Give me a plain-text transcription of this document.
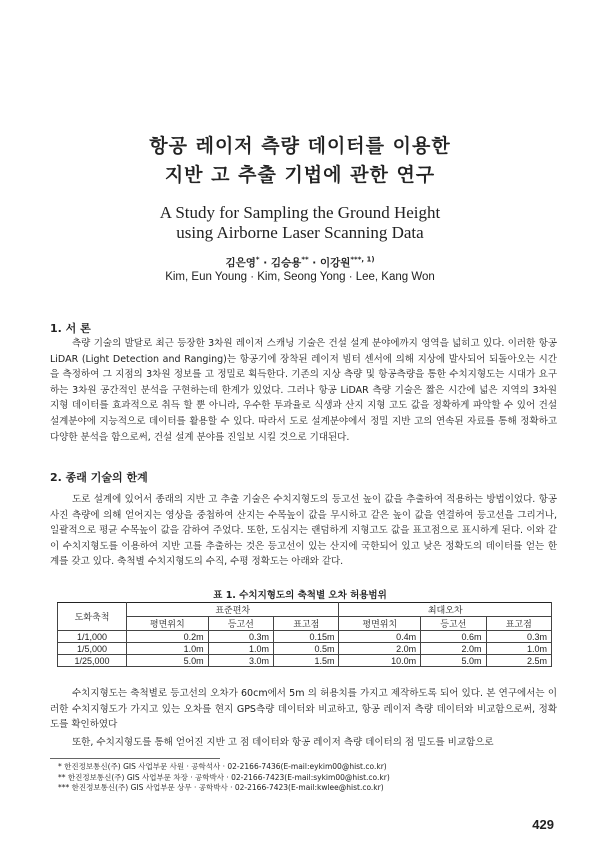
항공 레이저 측량 데이터를 이용한
지반 고 추출 기법에 관한 연구
A Study for Sampling the Ground Height
using Airborne Laser Scanning Data
김은영* · 김승용** · 이강원$^{***, 1)}$
Kim, Eun Young · Kim, Seong Yong · Lee, Kang Won
1. 서 론
측량 기술의 발달로 최근 등장한 3차원 레이저 스캐닝 기술은 건설 설계 분야에까지 영역을 넓히고 있다. 이러한 항공 LiDAR (Light Detection and Ranging)는 항공기에 장착된 레이저 빔터 센서에 의해 지상에 발사되어 되돌아오는 시간을 측정하여 그 지점의 3차원 정보를 고 정밀로 획득한다. 기존의 지상 측량 및 항공측량을 통한 수치지형도는 시대가 요구하는 3차원 공간적인 분석을 구현하는데 한계가 있었다. 그러나 항공 LiDAR 측량 기술은 짧은 시간에 넓은 지역의 3차원 지형 데이터를 효과적으로 취득 할 뿐 아니라, 우수한 투과율로 식생과 산지 지형 고도 값을 정확하게 파악할 수 있어 건설 설계분야에 지능적으로 데이터를 활용할 수 있다. 따라서 도로 설계분야에서 정밀 지반 고의 연속된 자료를 통해 정확하고 다양한 분석을 함으로써, 건설 설계 분야를 진일보 시킬 것으로 기대된다.
2. 종래 기술의 한계
도로 설계에 있어서 종래의 지반 고 추출 기술은 수치지형도의 등고선 높이 값을 추출하여 적용하는 방법이었다. 항공사진 측량에 의해 얻어지는 영상을 중첩하여 산지는 수목높이 값을 무시하고 같은 높이 값을 연결하여 등고선을 그리거나, 일괄적으로 평균 수목높이 값을 감하여 주었다. 또한, 도심지는 랜덤하게 지형고도 값을 표고점으로 표시하게 된다. 이와 같이 수치지형도를 이용하여 지반 고를 추출하는 것은 등고선이 있는 산지에 국한되어 있고 낮은 정확도의 데이터를 얻는 한계를 갖고 있다. 축척별 수치지형도의 수직, 수평 정확도는 아래와 같다.
표 1. 수치지형도의 축척별 오차 허용범위
도화축척	표준편차			최대오차		
	평면위치	등고선	표고점	평면위치	등고선	표고점
1/1,000	0.2m	0.3m	0.15m	0.4m	0.6m	0.3m
1/5,000	1.0m	1.0m	0.5m	2.0m	2.0m	1.0m
1/25,000	5.0m	3.0m	1.5m	10.0m	5.0m	2.5m
수치지형도는 축척별로 등고선의 오차가 60cm에서 5m 의 허용치를 가지고 제작하도록 되어 있다. 본 연구에서는 이러한 수치지형도가 가지고 있는 오차를 현지 GPS측량 데이터와 비교하고, 항공 레이저 측량 데이터와 비교함으로써, 정확도를 확인하였다
또한, 수치지형도를 통해 얻어진 지반 고 점 데이터와 항공 레이저 측량 데이터의 점 밀도를 비교함으로
* 한진정보통신(주) GIS 사업부문 사원 · 공학석사 · 02-2166-7436(E-mail:eykim00@hist.co.kr)
** 한진정보통신(주) GIS 사업부문 차장 · 공학박사 · 02-2166-7423(E-mail:sykim00@hist.co.kr)
*** 한진정보통신(주) GIS 사업부문 상무 · 공학박사 · 02-2166-7423(E-mail:kwlee@hist.co.kr)
429
